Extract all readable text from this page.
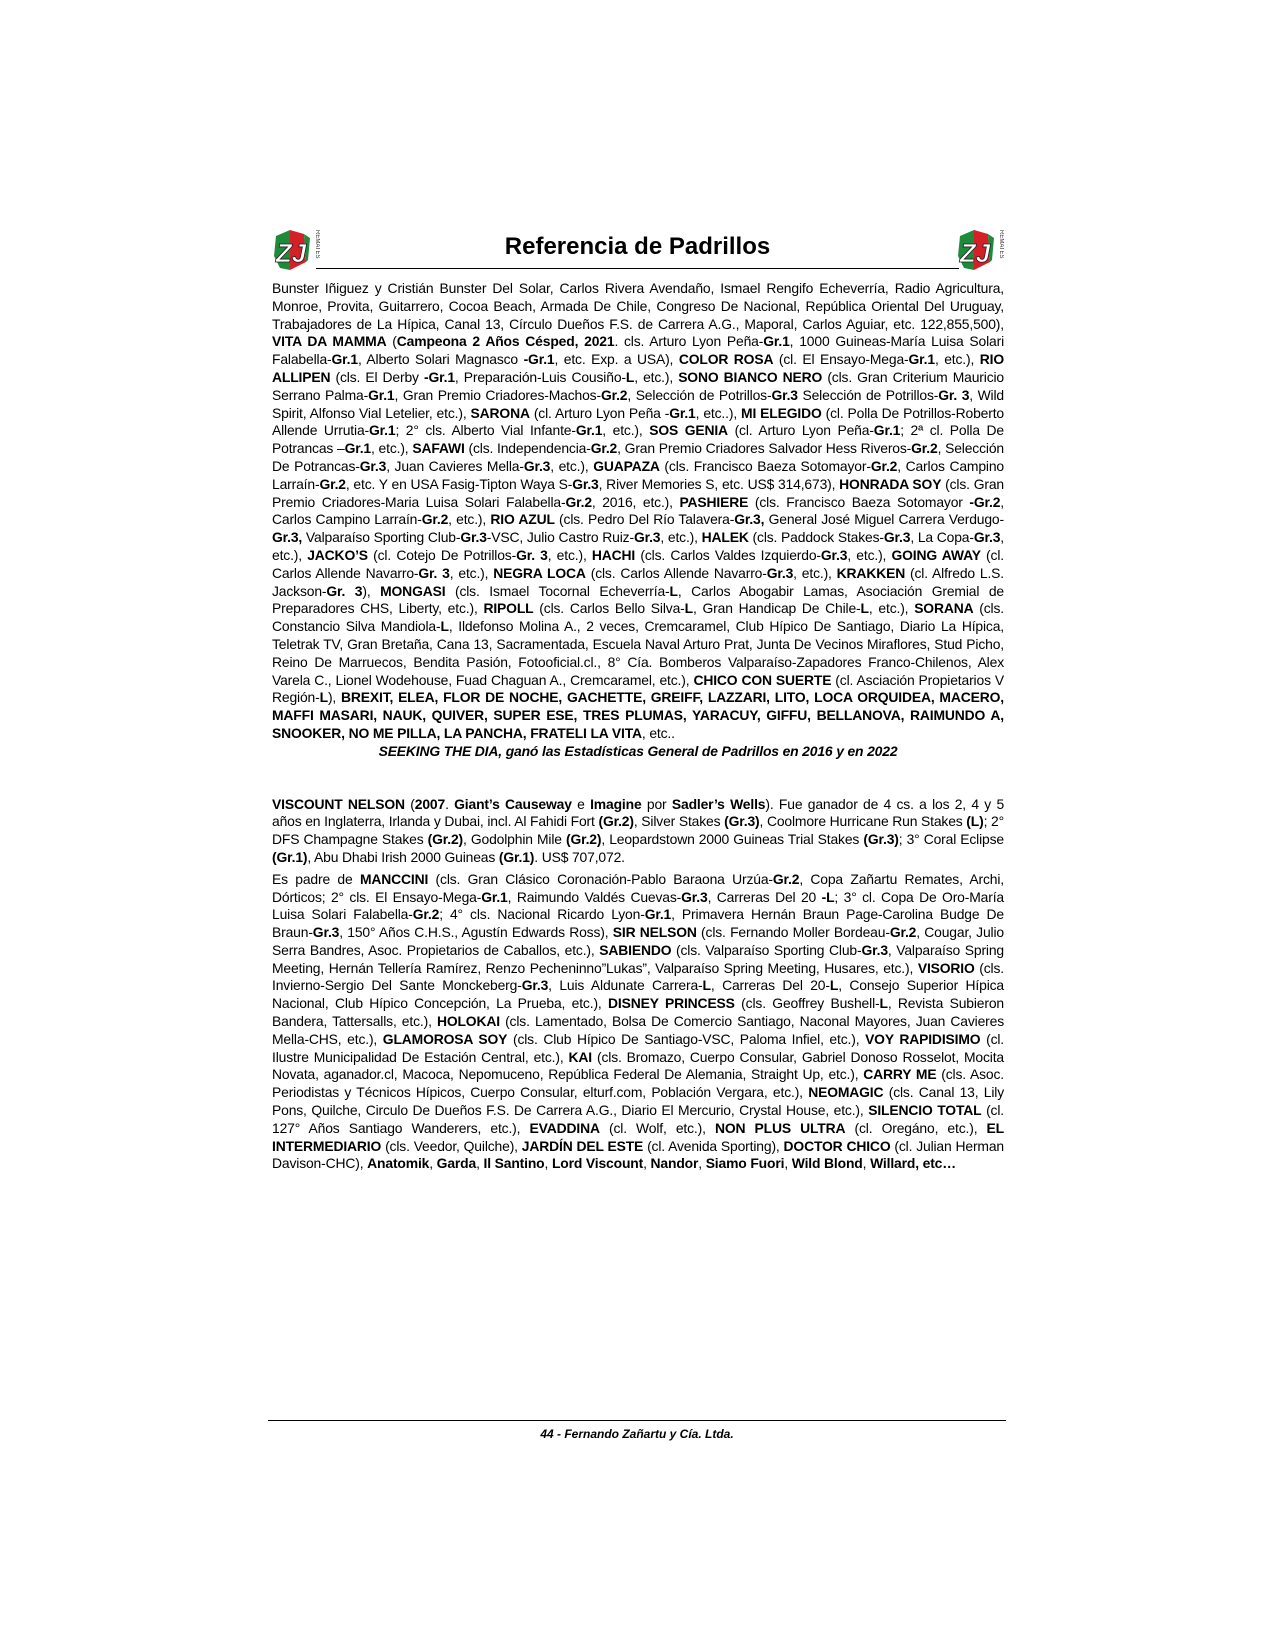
ZJ REMATES	Referencia de Padrillos	ZJ REMATES

Bunster Iñiguez y Cristián Bunster Del Solar, Carlos Rivera Avendaño, Ismael Rengifo Echeverría, Radio Agricultura, Monroe, Provita, Guitarrero, Cocoa Beach, Armada De Chile, Congreso De Nacional, República Oriental Del Uruguay, Trabajadores de La Hípica, Canal 13, Círculo Dueños F.S. de Carrera A.G., Maporal, Carlos Aguiar, etc. 122,855,500), VITA DA MAMMA (Campeona 2 Años Césped, 2021. cls. Arturo Lyon Peña-Gr.1, 1000 Guineas-María Luisa Solari Falabella-Gr.1, Alberto Solari Magnasco -Gr.1, etc. Exp. a USA), COLOR ROSA (cl. El Ensayo-Mega-Gr.1, etc.), RIO ALLIPEN (cls. El Derby -Gr.1, Preparación-Luis Cousiño-L, etc.), SONO BIANCO NERO (cls. Gran Criterium Mauricio Serrano Palma-Gr.1, Gran Premio Criadores-Machos-Gr.2, Selección de Potrillos-Gr.3 Selección de Potrillos-Gr. 3, Wild Spirit, Alfonso Vial Letelier, etc.), SARONA (cl. Arturo Lyon Peña -Gr.1, etc..), MI ELEGIDO (cl. Polla De Potrillos-Roberto Allende Urrutia-Gr.1; 2° cls. Alberto Vial Infante-Gr.1, etc.), SOS GENIA (cl. Arturo Lyon Peña-Gr.1; 2ª cl. Polla De Potrancas –Gr.1, etc.), SAFAWI (cls. Independencia-Gr.2, Gran Premio Criadores Salvador Hess Riveros-Gr.2, Selección De Potrancas-Gr.3, Juan Cavieres Mella-Gr.3, etc.), GUAPAZA (cls. Francisco Baeza Sotomayor-Gr.2, Carlos Campino Larraín-Gr.2, etc. Y en USA Fasig-Tipton Waya S-Gr.3, River Memories S, etc. US$ 314,673), HONRADA SOY (cls. Gran Premio Criadores-Maria Luisa Solari Falabella-Gr.2, 2016, etc.), PASHIERE (cls. Francisco Baeza Sotomayor -Gr.2, Carlos Campino Larraín-Gr.2, etc.), RIO AZUL (cls. Pedro Del Río Talavera-Gr.3, General José Miguel Carrera Verdugo-Gr.3, Valparaíso Sporting Club-Gr.3-VSC, Julio Castro Ruiz-Gr.3, etc.), HALEK (cls. Paddock Stakes-Gr.3, La Copa-Gr.3, etc.), JACKO’S (cl. Cotejo De Potrillos-Gr. 3, etc.), HACHI (cls. Carlos Valdes Izquierdo-Gr.3, etc.), GOING AWAY (cl. Carlos Allende Navarro-Gr. 3, etc.), NEGRA LOCA (cls. Carlos Allende Navarro-Gr.3, etc.), KRAKKEN (cl. Alfredo L.S. Jackson-Gr. 3), MONGASI (cls. Ismael Tocornal Echeverría-L, Carlos Abogabir Lamas, Asociación Gremial de Preparadores CHS, Liberty, etc.), RIPOLL (cls. Carlos Bello Silva-L, Gran Handicap De Chile-L, etc.), SORANA (cls. Constancio Silva Mandiola-L, Ildefonso Molina A., 2 veces, Cremcaramel, Club Hípico De Santiago, Diario La Hípica, Teletrak TV, Gran Bretaña, Cana 13, Sacramentada, Escuela Naval Arturo Prat, Junta De Vecinos Miraflores, Stud Picho, Reino De Marruecos, Bendita Pasión, Fotooficial.cl., 8° Cía. Bomberos Valparaíso-Zapadores Franco-Chilenos, Alex Varela C., Lionel Wodehouse, Fuad Chaguan A., Cremcaramel, etc.), CHICO CON SUERTE (cl. Asciación Propietarios V Región-L), BREXIT, ELEA, FLOR DE NOCHE, GACHETTE, GREIFF, LAZZARI, LITO, LOCA ORQUIDEA, MACERO, MAFFI MASARI, NAUK, QUIVER, SUPER ESE, TRES PLUMAS, YARACUY, GIFFU, BELLANOVA, RAIMUNDO A, SNOOKER, NO ME PILLA, LA PANCHA, FRATELI LA VITA, etc..

SEEKING THE DIA, ganó las Estadísticas General de Padrillos en 2016 y en 2022

VISCOUNT NELSON (2007. Giant’s Causeway e Imagine por Sadler’s Wells). Fue ganador de 4 cs. a los 2, 4 y 5 años en Inglaterra, Irlanda y Dubai, incl. Al Fahidi Fort (Gr.2), Silver Stakes (Gr.3), Coolmore Hurricane Run Stakes (L); 2° DFS Champagne Stakes (Gr.2), Godolphin Mile (Gr.2), Leopardstown 2000 Guineas Trial Stakes (Gr.3); 3° Coral Eclipse (Gr.1), Abu Dhabi Irish 2000 Guineas (Gr.1). US$ 707,072.

Es padre de MANCCINI (cls. Gran Clásico Coronación-Pablo Baraona Urzúa-Gr.2, Copa Zañartu Remates, Archi, Dórticos; 2° cls. El Ensayo-Mega-Gr.1, Raimundo Valdés Cuevas-Gr.3, Carreras Del 20 -L; 3° cl. Copa De Oro-María Luisa Solari Falabella-Gr.2; 4° cls. Nacional Ricardo Lyon-Gr.1, Primavera Hernán Braun Page-Carolina Budge De Braun-Gr.3, 150° Años C.H.S., Agustín Edwards Ross), SIR NELSON (cls. Fernando Moller Bordeau-Gr.2, Cougar, Julio Serra Bandres, Asoc. Propietarios de Caballos, etc.), SABIENDO (cls. Valparaíso Sporting Club-Gr.3, Valparaíso Spring Meeting, Hernán Tellería Ramírez, Renzo Pecheninno”Lukas”, Valparaíso Spring Meeting, Husares, etc.), VISORIO (cls. Invierno-Sergio Del Sante Monckeberg-Gr.3, Luis Aldunate Carrera-L, Carreras Del 20-L, Consejo Superior Hípica Nacional, Club Hípico Concepción, La Prueba, etc.), DISNEY PRINCESS (cls. Geoffrey Bushell-L, Revista Subieron Bandera, Tattersalls, etc.), HOLOKAI (cls. Lamentado, Bolsa De Comercio Santiago, Naconal Mayores, Juan Cavieres Mella-CHS, etc.), GLAMOROSA SOY (cls. Club Hípico De Santiago-VSC, Paloma Infiel, etc.), VOY RAPIDISIMO (cl. Ilustre Municipalidad De Estación Central, etc.), KAI (cls. Bromazo, Cuerpo Consular, Gabriel Donoso Rosselot, Mocita Novata, aganador.cl, Macoca, Nepomuceno, República Federal De Alemania, Straight Up, etc.), CARRY ME (cls. Asoc. Periodistas y Técnicos Hípicos, Cuerpo Consular, elturf.com, Población Vergara, etc.), NEOMAGIC (cls. Canal 13, Lily Pons, Quilche, Circulo De Dueños F.S. De Carrera A.G., Diario El Mercurio, Crystal House, etc.), SILENCIO TOTAL (cl. 127° Años Santiago Wanderers, etc.), EVADDINA (cl. Wolf, etc.), NON PLUS ULTRA (cl. Oregáno, etc.), EL INTERMEDIARIO (cls. Veedor, Quilche), JARDÍN DEL ESTE (cl. Avenida Sporting), DOCTOR CHICO (cl. Julian Herman Davison-CHC), Anatomik, Garda, Il Santino, Lord Viscount, Nandor, Siamo Fuori, Wild Blond, Willard, etc…

44 - Fernando Zañartu y Cía. Ltda.
